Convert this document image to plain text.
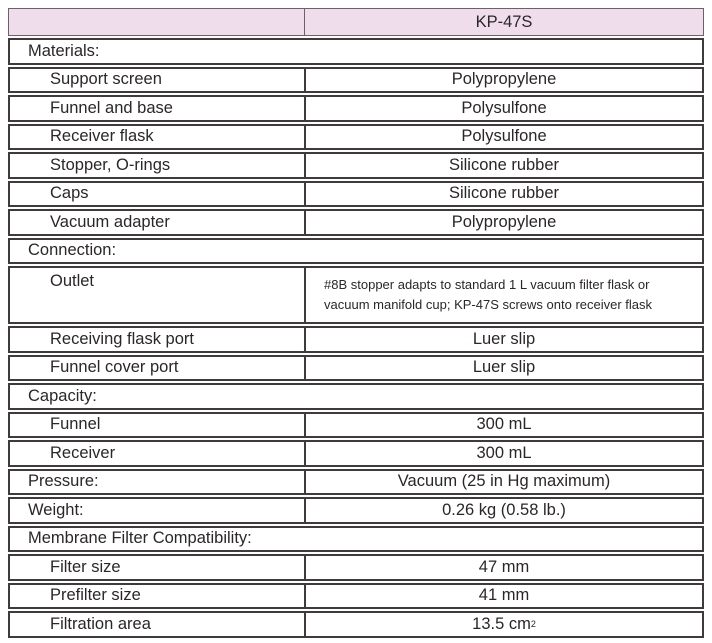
KP-47S
Materials:
Support screen	Polypropylene
Funnel and base	Polysulfone
Receiver flask	Polysulfone
Stopper, O-rings	Silicone rubber
Caps	Silicone rubber
Vacuum adapter	Polypropylene
Connection:
Outlet	#8B stopper adapts to standard 1 L vacuum filter flask or
vacuum manifold cup; KP-47S screws onto receiver flask
Receiving flask port	Luer slip
Funnel cover port	Luer slip
Capacity:
Funnel	300 mL
Receiver	300 mL
Pressure:	Vacuum (25 in Hg maximum)
Weight:	0.26 kg (0.58 lb.)
Membrane Filter Compatibility:
Filter size	47 mm
Prefilter size	41 mm
Filtration area	13.5 cm 2
